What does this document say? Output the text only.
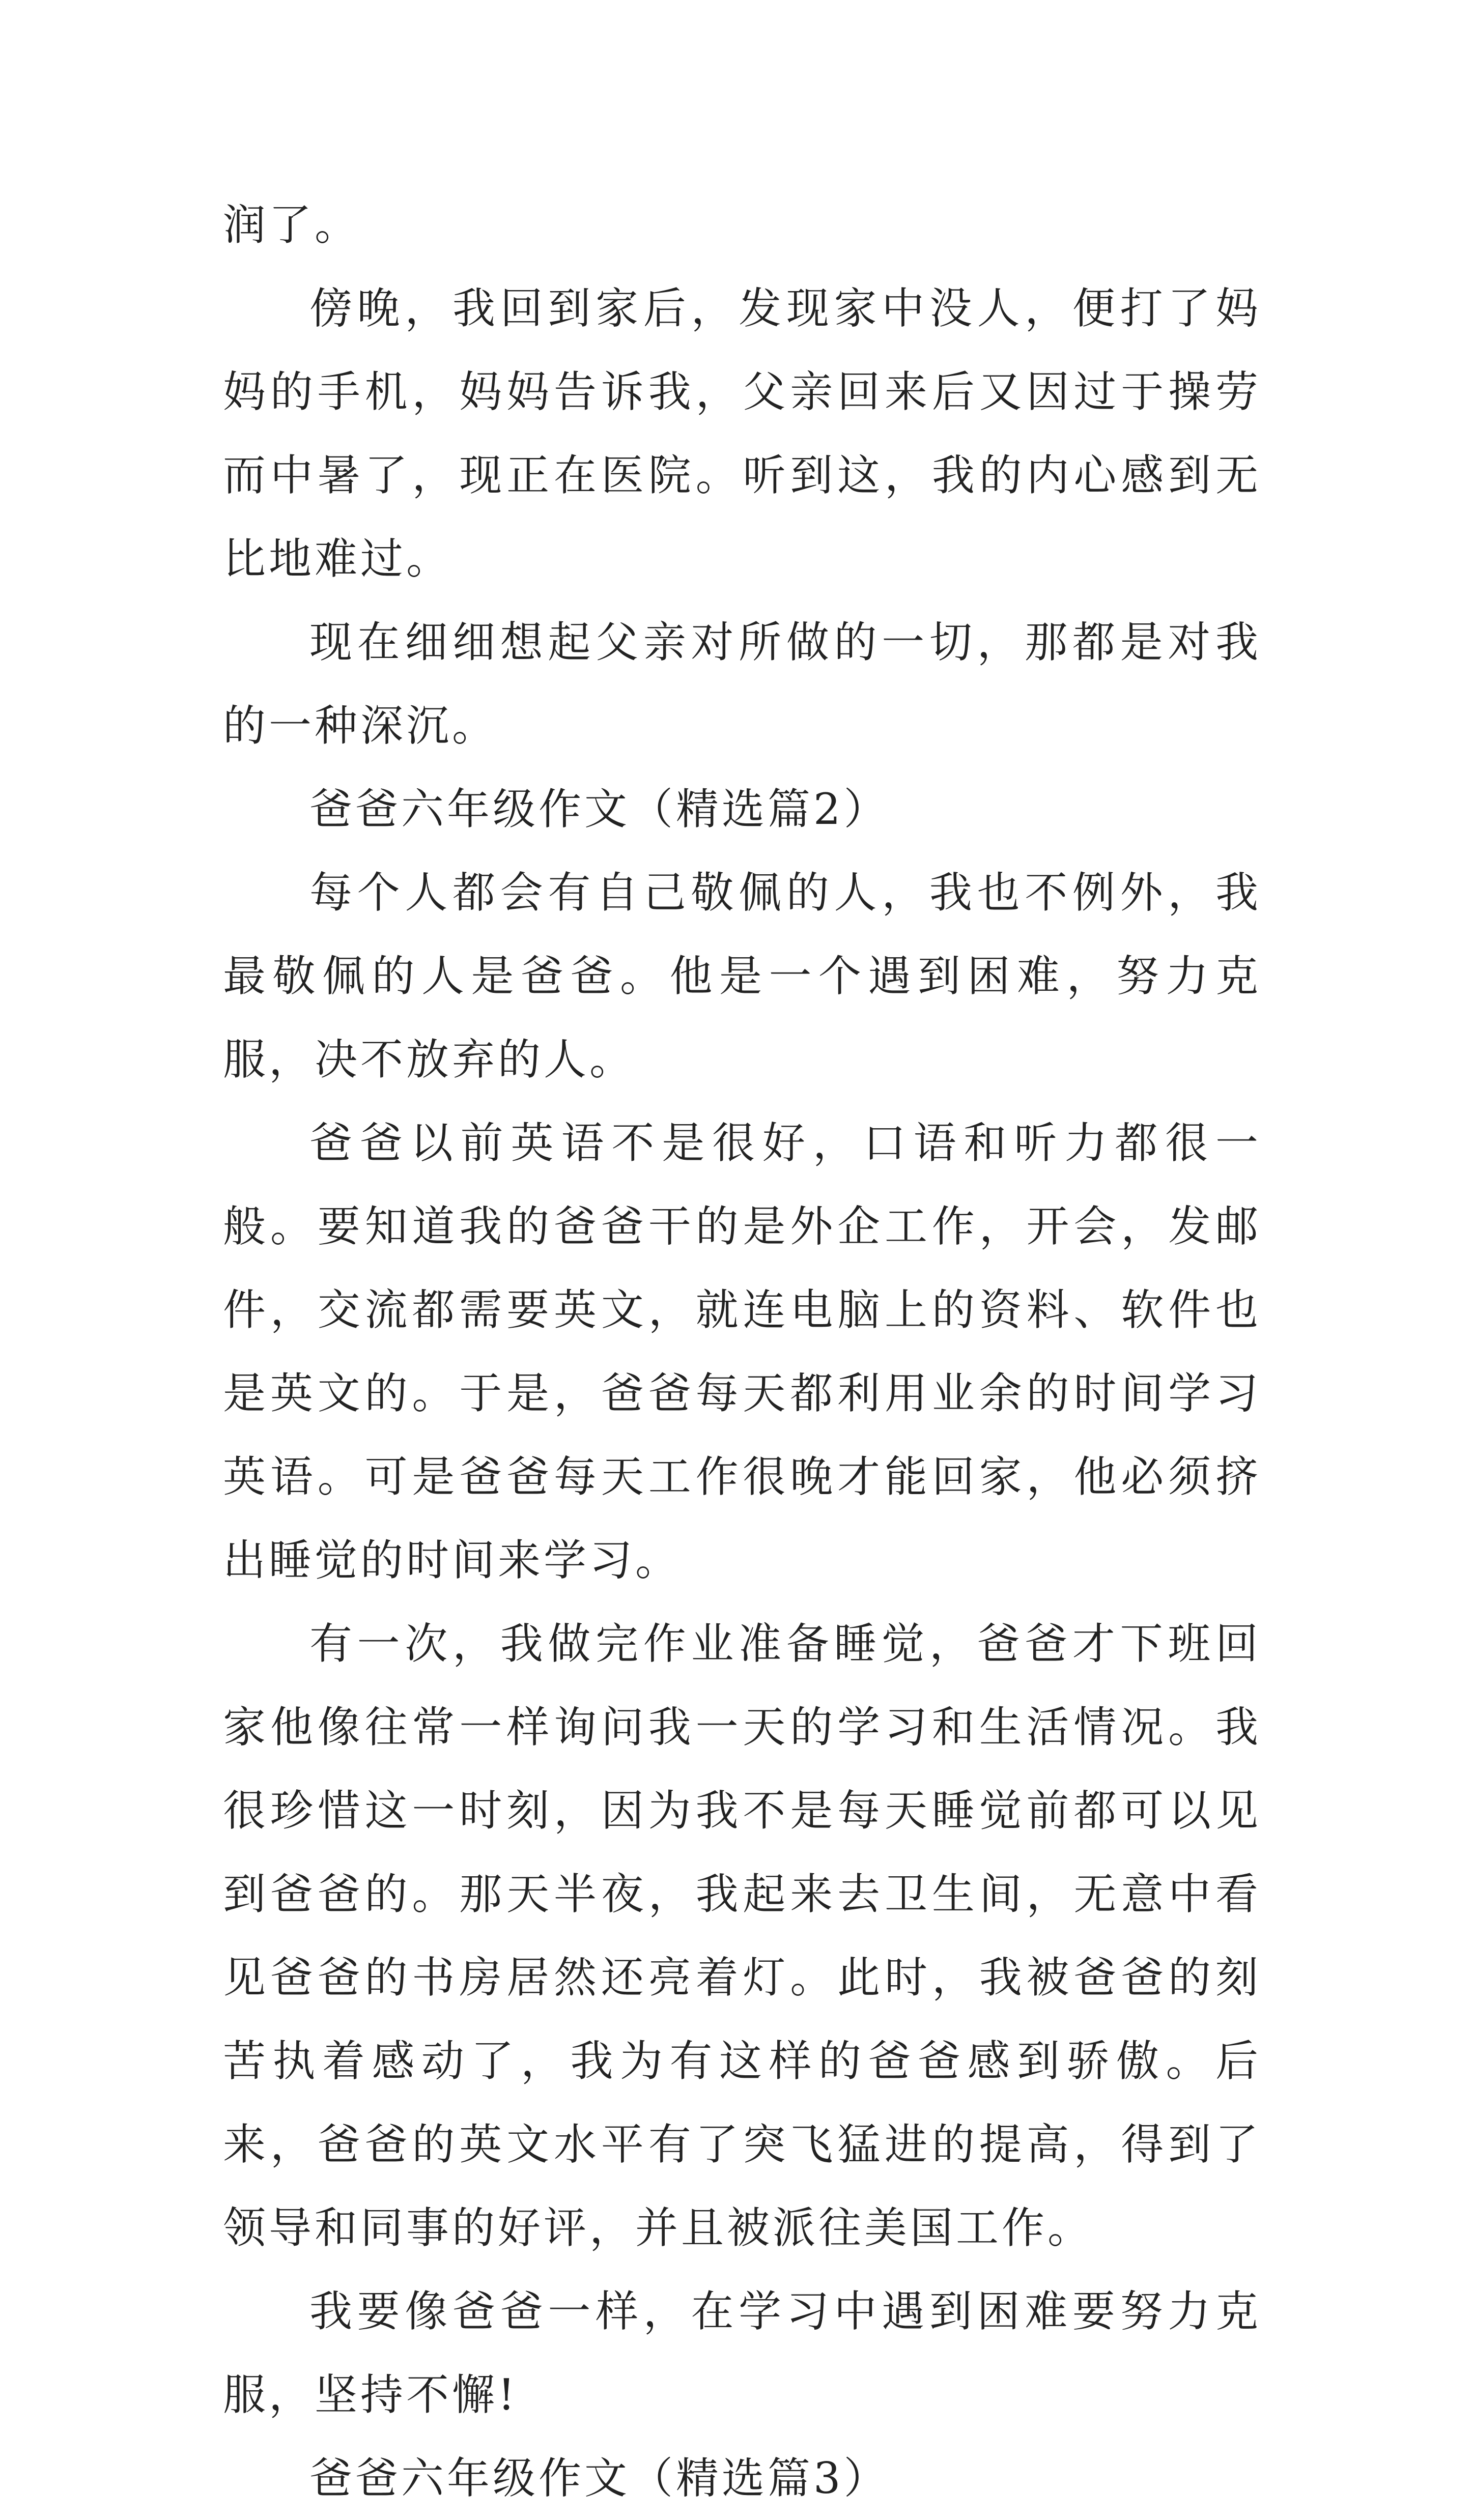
润了。

傍晚，我回到家后，发现家中没人，便打了妈妈的手机，妈妈告诉我，父亲回来后又因过于操劳而中暑了，现正在医院。听到这，我的内心感到无比地难过。

现在细细想起父亲对所做的一切，那都是对我的一种深沉。

爸爸六年级作文（精选篇2）

每个人都会有自己敬佩的人，我也不例外，我最敬佩的人是爸爸。他是一个遇到困难，努力克服，决不放弃的人。

爸爸以前英语不是很好，口语和听力都很一般。要知道我的爸爸干的是外企工作，开会，发邮件，交流都需要英文，就连电脑上的资料、软件也是英文的。于是，爸爸每天都利用业余的时间学习英语。可是爸爸每天工作很晚才能回家，他必须挤出睡觉的时间来学习。

有一次，我做完作业准备睡觉，爸爸才下班回家他像往常一样询问我一天的学习和生活情况。我很珍惜这一时刻，因为我不是每天睡觉前都可以见到爸爸的。那天半夜，我起来去卫生间，无意中看见爸爸的书房居然还亮着灯。此时，我被爸爸的刻苦执着感动了，我为有这样的爸爸感到骄傲。后来，爸爸的英文水平有了突飞猛进的提高，得到了领导和同事的好评，并且被派往美国工作。

我要像爸爸一样，在学习中遇到困难要努力克服，坚持不懈!

爸爸六年级作文（精选篇3）
